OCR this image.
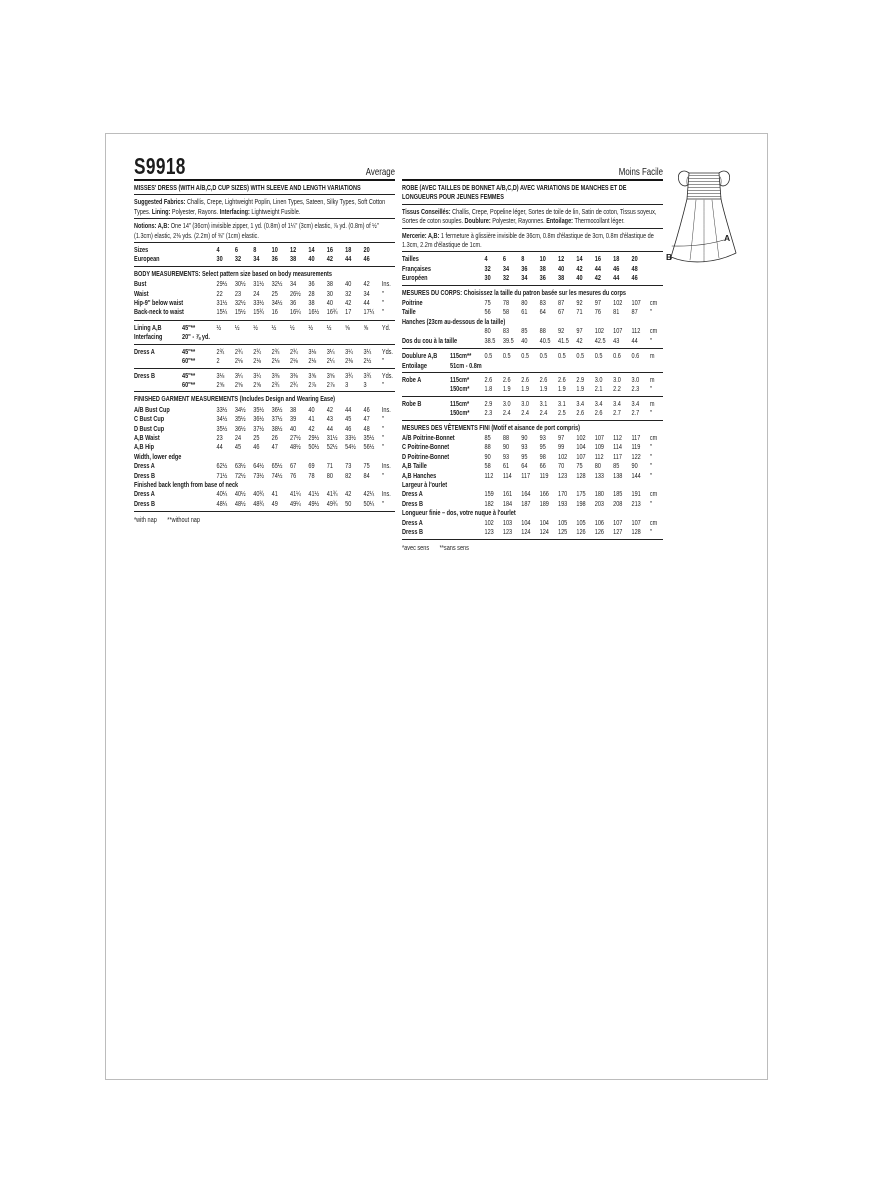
S9918	Average
MISSES' DRESS (WITH A/B,C,D CUP SIZES) WITH SLEEVE AND LENGTH VARIATIONS

Suggested Fabrics: Challis, Crepe, Lightweight Poplin, Linen Types, Sateen, Silky Types, Soft Cotton Types. Lining: Polyester, Rayons. Interfacing: Lightweight Fusible.

Notions: A,B: One 14" (36cm) invisible zipper, 1 yd. (0.8m) of 1¼" (3cm) elastic, ⅞ yd. (0.8m) of ½" (1.3cm) elastic, 2⅜ yds. (2.2m) of ⅜" (1cm) elastic.

Sizes	4	6	8	10	12	14	16	18	20
European	30	32	34	36	38	40	42	44	46
BODY MEASUREMENTS: Select pattern size based on body measurements
Bust	29½	30½	31½	32½	34	36	38	40	42	Ins.
Waist	22	23	24	25	26½	28	30	32	34	″
Hip-9" below waist	31½	32½	33½	34½	36	38	40	42	44	″
Back-neck to waist	15¼	15½	15¾	16	16¼	16½	16¾	17	17¼	″
Lining A,B	45"**	½	½	½	½	½	½	½	⅝	⅝	Yd.
Interfacing	20" - ⅞ yd.
Dress A	45"**	2¾	2¾	2¾	2¾	2¾	3⅛	3¼	3¼	3¼	Yds.
60"**	2	2⅛	2⅛	2⅛	2⅛	2⅛	2¼	2⅜	2½	″
Dress B	45"**	3⅛	3¼	3¼	3⅜	3⅜	3⅝	3⅝	3¾	3¾	Yds.
60"**	2⅝	2⅝	2⅝	2¾	2¾	2⅞	2⅞	3	3	″
FINISHED GARMENT MEASUREMENTS (Includes Design and Wearing Ease)
A/B Bust Cup	33½	34½	35½	36½	38	40	42	44	46	Ins.
C Bust Cup	34½	35½	36½	37½	39	41	43	45	47	″
D Bust Cup	35½	36½	37½	38½	40	42	44	46	48	″
A,B Waist	23	24	25	26	27½	29½	31½	33½	35½	″
A,B Hip	44	45	46	47	48½	50½	52½	54½	56½	″
Width, lower edge
Dress A	62½	63½	64½	65½	67	69	71	73	75	Ins.
Dress B	71½	72½	73½	74½	76	78	80	82	84	″
Finished back length from base of neck
Dress A	40¼	40½	40¾	41	41¼	41½	41¾	42	42¼	Ins.
Dress B	48¼	48½	48¾	49	49¼	49½	49¾	50	50¼	″
*with nap **without nap
Moins Facile
ROBE (AVEC TAILLES DE BONNET A/B,C,D) AVEC VARIATIONS DE MANCHES ET DE LONGUEURS POUR JEUNES FEMMES

Tissus Conseillés: Challis, Crepe, Popeline léger, Sortes de toile de lin, Satin de coton, Tissus soyeux, Sortes de coton souples. Doublure: Polyester, Rayonnes. Entoilage: Thermocollant léger.

Mercerie: A,B: 1 fermeture à glissière invisible de 36cm, 0.8m d'élastique de 3cm, 0.8m d'élastique de 1.3cm, 2.2m d'élastique de 1cm.

Tailles	4	6	8	10	12	14	16	18	20
Françaises	32	34	36	38	40	42	44	46	48
Européen	30	32	34	36	38	40	42	44	46
MESURES DU CORPS: Choisissez la taille du patron basée sur les mesures du corps
Poitrine	75	78	80	83	87	92	97	102	107	cm
Taille	56	58	61	64	67	71	76	81	87	″
Hanches (23cm au-dessous de la taille)
80	83	85	88	92	97	102	107	112	cm
Dos du cou à la taille	38.5	39.5	40	40.5	41.5	42	42.5	43	44	″
Doublure A,B	115cm**	0.5	0.5	0.5	0.5	0.5	0.5	0.5	0.6	0.6	m
Entoilage	51cm - 0.8m
Robe A	115cm*	2.6	2.6	2.6	2.6	2.6	2.9	3.0	3.0	3.0	m
150cm*	1.8	1.9	1.9	1.9	1.9	1.9	2.1	2.2	2.3	″
Robe B	115cm*	2.9	3.0	3.0	3.1	3.1	3.4	3.4	3.4	3.4	m
150cm*	2.3	2.4	2.4	2.4	2.5	2.6	2.6	2.7	2.7	″
MESURES DES VÊTEMENTS FINI (Motif et aisance de port compris)
A/B Poitrine-Bonnet	85	88	90	93	97	102	107	112	117	cm
C Poitrine-Bonnet	88	90	93	95	99	104	109	114	119	″
D Poitrine-Bonnet	90	93	95	98	102	107	112	117	122	″
A,B Taille	58	61	64	66	70	75	80	85	90	″
A,B Hanches	112	114	117	119	123	128	133	138	144	″
Largeur à l'ourlet
Dress A	159	161	164	166	170	175	180	185	191	cm
Dress B	182	184	187	189	193	198	203	208	213	″
Longueur finie – dos, votre nuque à l'ourlet
Dress A	102	103	104	104	105	105	106	107	107	cm
Dress B	123	123	124	124	125	126	126	127	128	″
*avec sens **sans sens
A
B
